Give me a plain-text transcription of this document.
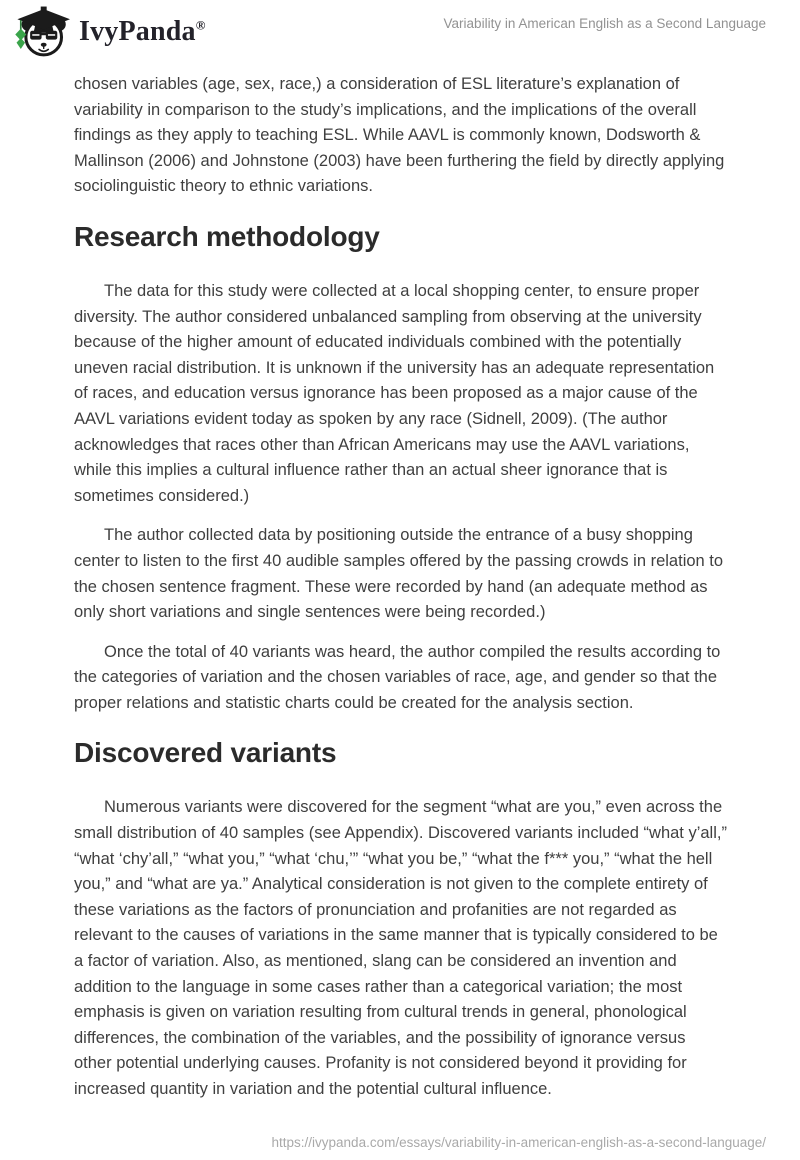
IvyPanda®	Variability in American English as a Second Language

chosen variables (age, sex, race,) a consideration of ESL literature’s explanation of variability in comparison to the study’s implications, and the implications of the overall findings as they apply to teaching ESL. While AAVL is commonly known, Dodsworth & Mallinson (2006) and Johnstone (2003) have been furthering the field by directly applying sociolinguistic theory to ethnic variations.

Research methodology

The data for this study were collected at a local shopping center, to ensure proper diversity. The author considered unbalanced sampling from observing at the university because of the higher amount of educated individuals combined with the potentially uneven racial distribution. It is unknown if the university has an adequate representation of races, and education versus ignorance has been proposed as a major cause of the AAVL variations evident today as spoken by any race (Sidnell, 2009). (The author acknowledges that races other than African Americans may use the AAVL variations, while this implies a cultural influence rather than an actual sheer ignorance that is sometimes considered.)

The author collected data by positioning outside the entrance of a busy shopping center to listen to the first 40 audible samples offered by the passing crowds in relation to the chosen sentence fragment. These were recorded by hand (an adequate method as only short variations and single sentences were being recorded.)

Once the total of 40 variants was heard, the author compiled the results according to the categories of variation and the chosen variables of race, age, and gender so that the proper relations and statistic charts could be created for the analysis section.

Discovered variants

Numerous variants were discovered for the segment “what are you,” even across the small distribution of 40 samples (see Appendix). Discovered variants included “what y’all,” “what ‘chy’all,” “what you,” “what ‘chu,’” “what you be,” “what the f*** you,” “what the hell you,” and “what are ya.” Analytical consideration is not given to the complete entirety of these variations as the factors of pronunciation and profanities are not regarded as relevant to the causes of variations in the same manner that is typically considered to be a factor of variation. Also, as mentioned, slang can be considered an invention and addition to the language in some cases rather than a categorical variation; the most emphasis is given on variation resulting from cultural trends in general, phonological differences, the combination of the variables, and the possibility of ignorance versus other potential underlying causes. Profanity is not considered beyond it providing for increased quantity in variation and the potential cultural influence.

https://ivypanda.com/essays/variability-in-american-english-as-a-second-language/
